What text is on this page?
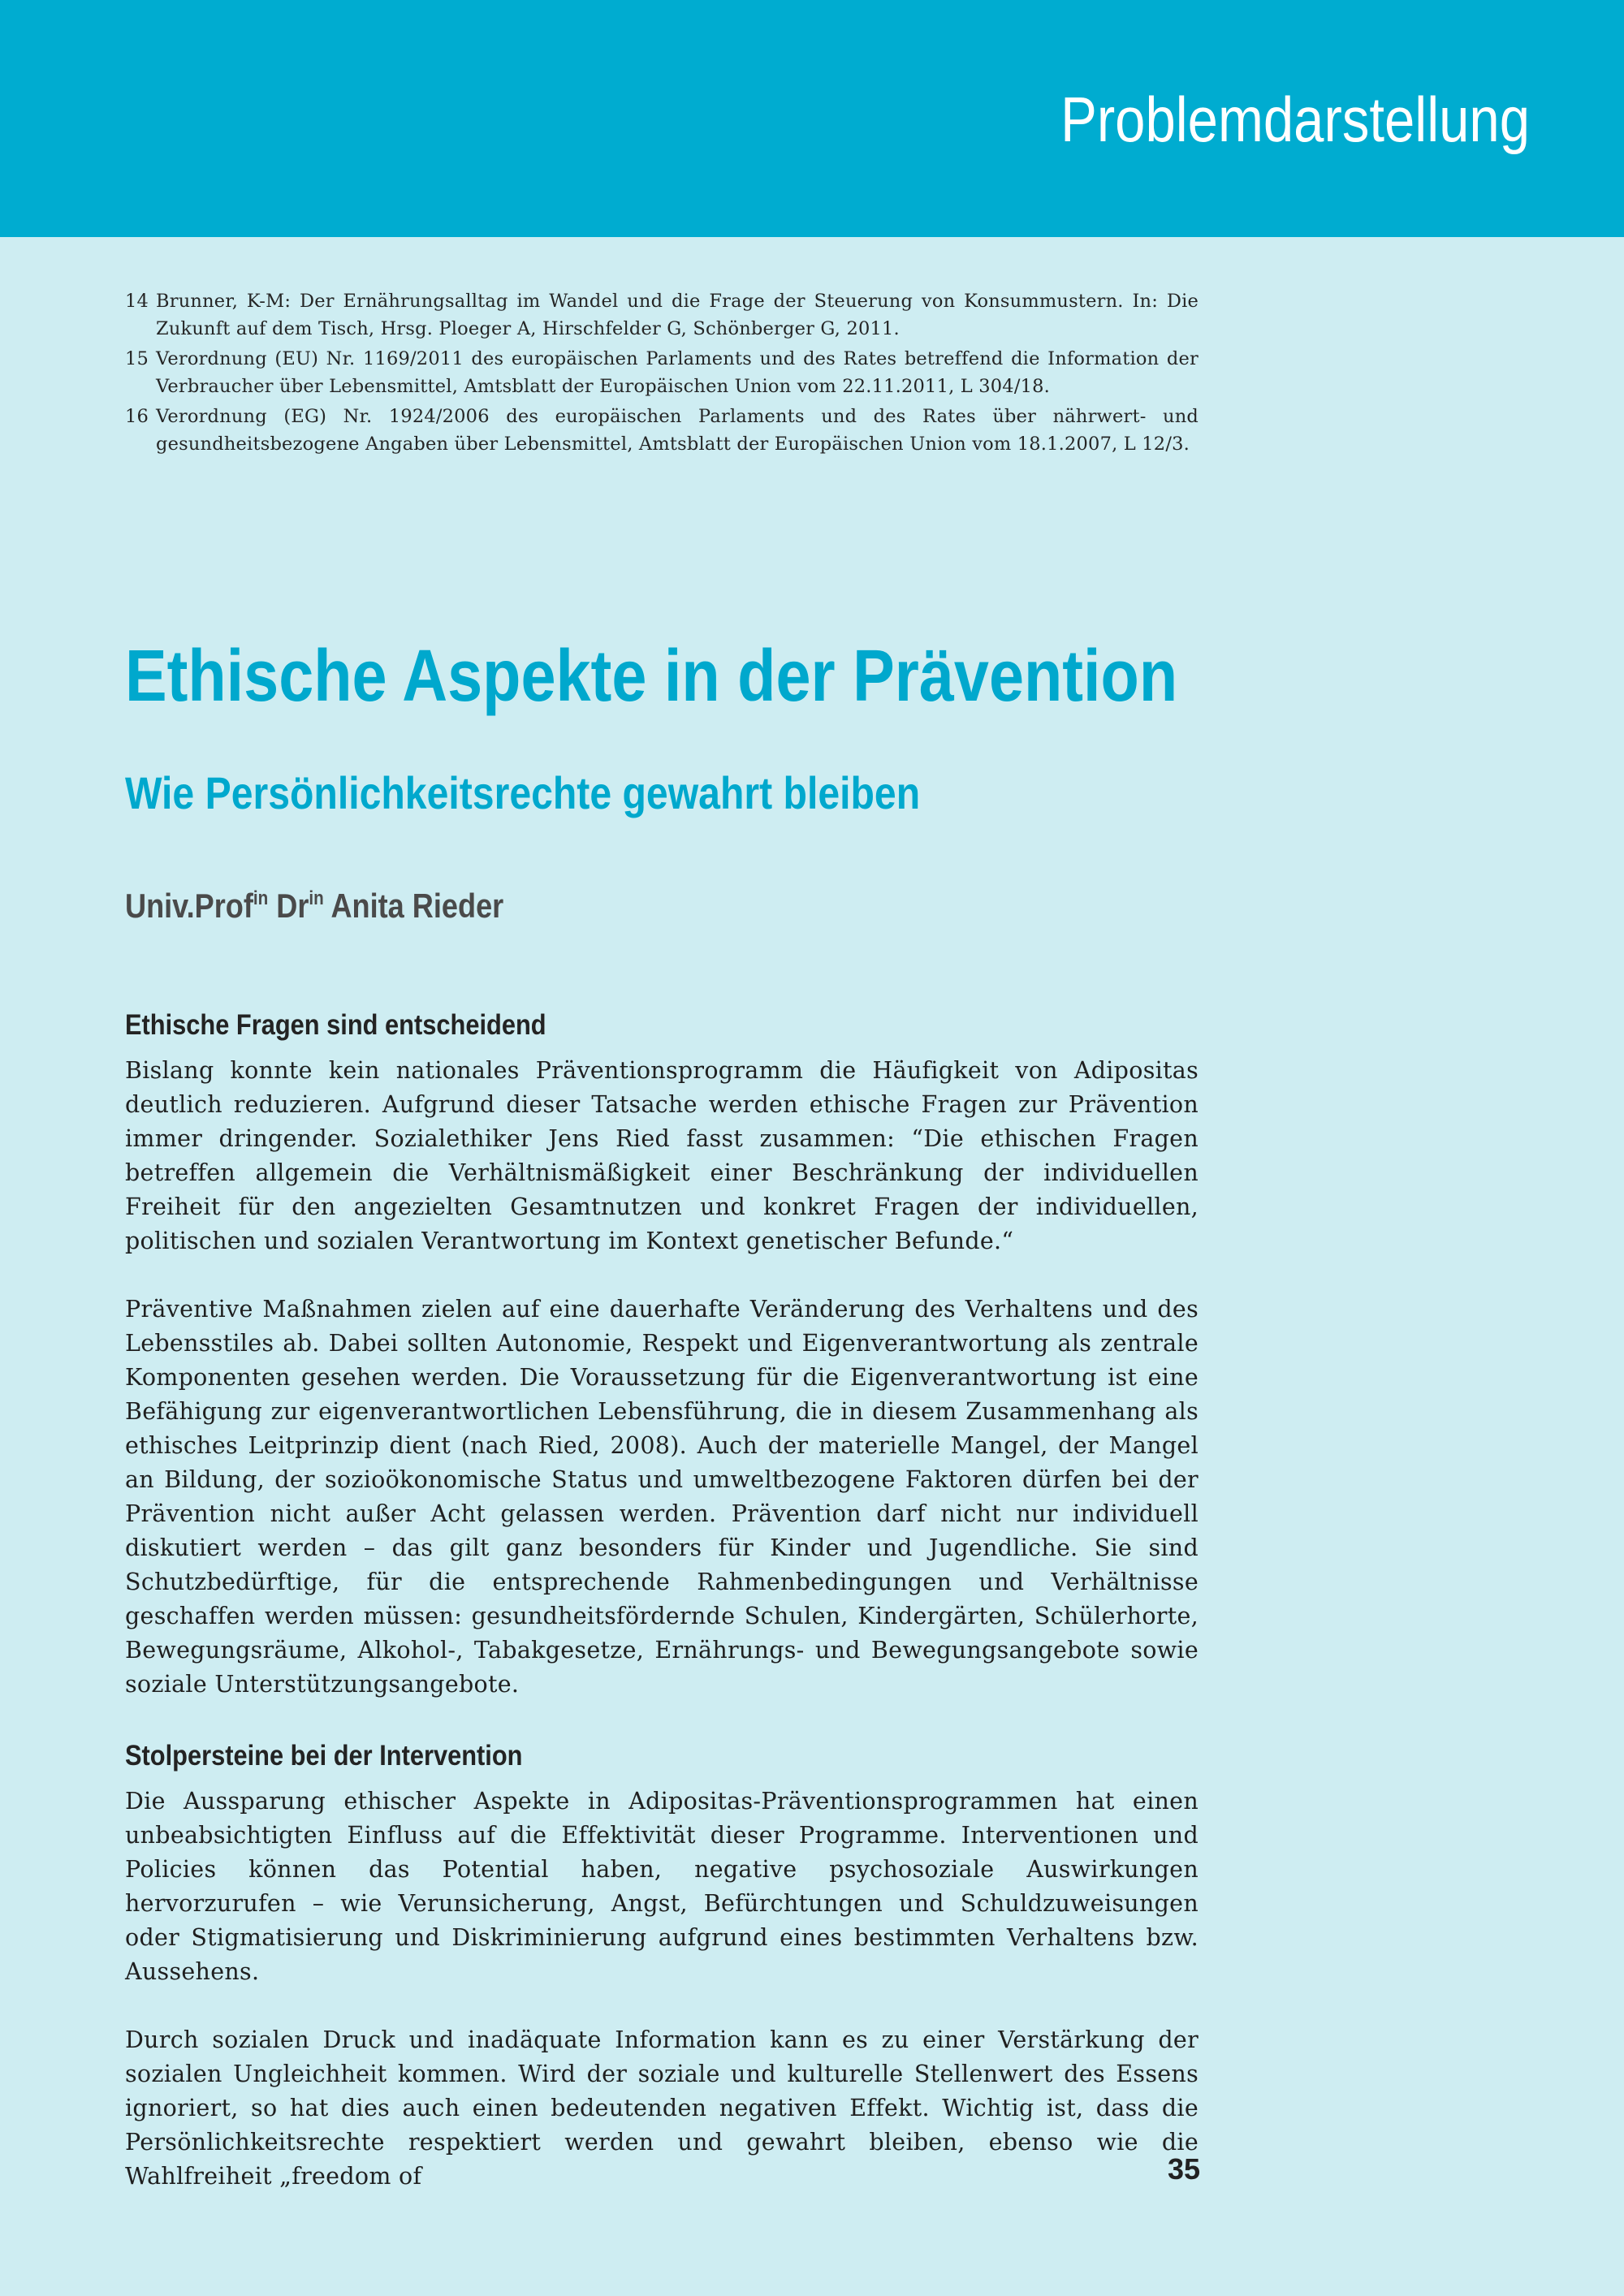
Problemdarstellung
14 Brunner, K-M: Der Ernährungsalltag im Wandel und die Frage der Steuerung von Konsummustern. In: Die Zukunft auf dem Tisch, Hrsg. Ploeger A, Hirschfelder G, Schönberger G, 2011.
15 Verordnung (EU) Nr. 1169/2011 des europäischen Parlaments und des Rates betreffend die Information der Verbraucher über Lebensmittel, Amtsblatt der Europäischen Union vom 22.11.2011, L 304/18.
16 Verordnung (EG) Nr. 1924/2006 des europäischen Parlaments und des Rates über nährwert- und gesundheitsbezogene Angaben über Lebensmittel, Amtsblatt der Europäischen Union vom 18.1.2007, L 12/3.
Ethische Aspekte in der Prävention
Wie Persönlichkeitsrechte gewahrt bleiben
Univ.Prof$^{in}$ $Dr^{in}$ Anita Rieder
Ethische Fragen sind entscheidend

Bislang konnte kein nationales Präventionsprogramm die Häufigkeit von Adipositas deutlich reduzieren. Aufgrund dieser Tatsache werden ethische Fragen zur Prävention immer dringender. Sozialethiker Jens Ried fasst zusammen: “Die ethischen Fragen betreffen allgemein die Verhältnismäßigkeit einer Beschränkung der individuellen Freiheit für den angezielten Gesamtnutzen und konkret Fragen der individuellen, politischen und sozialen Verantwortung im Kontext genetischer Befunde.“

Präventive Maßnahmen zielen auf eine dauerhafte Veränderung des Verhaltens und des Lebensstiles ab. Dabei sollten Autonomie, Respekt und Eigenverantwortung als zentrale Komponenten gesehen werden. Die Voraussetzung für die Eigenverantwortung ist eine Befähigung zur eigenverantwortlichen Lebensführung, die in diesem Zusammenhang als ethisches Leitprinzip dient (nach Ried, 2008). Auch der materielle Mangel, der Mangel an Bildung, der sozioökonomische Status und umweltbezogene Faktoren dürfen bei der Prävention nicht außer Acht gelassen werden. Prävention darf nicht nur individuell diskutiert werden – das gilt ganz besonders für Kinder und Jugendliche. Sie sind Schutzbedürftige, für die entsprechende Rahmenbedingungen und Verhältnisse geschaffen werden müssen: gesundheitsfördernde Schulen, Kindergärten, Schülerhorte, Bewegungsräume, Alkohol-, Tabakgesetze, Ernährungs- und Bewegungsangebote sowie soziale Unterstützungsangebote.

Stolpersteine bei der Intervention

Die Aussparung ethischer Aspekte in Adipositas-Präventionsprogrammen hat einen unbeabsichtigten Einfluss auf die Effektivität dieser Programme. Interventionen und Policies können das Potential haben, negative psychosoziale Auswirkungen hervorzurufen – wie Verunsicherung, Angst, Befürchtungen und Schuldzuweisungen oder Stigmatisierung und Diskriminierung aufgrund eines bestimmten Verhaltens bzw. Aussehens.

Durch sozialen Druck und inadäquate Information kann es zu einer Verstärkung der sozialen Ungleichheit kommen. Wird der soziale und kulturelle Stellenwert des Essens ignoriert, so hat dies auch einen bedeutenden negativen Effekt. Wichtig ist, dass die Persönlichkeitsrechte respektiert werden und gewahrt bleiben, ebenso wie die Wahlfreiheit „freedom of	35
